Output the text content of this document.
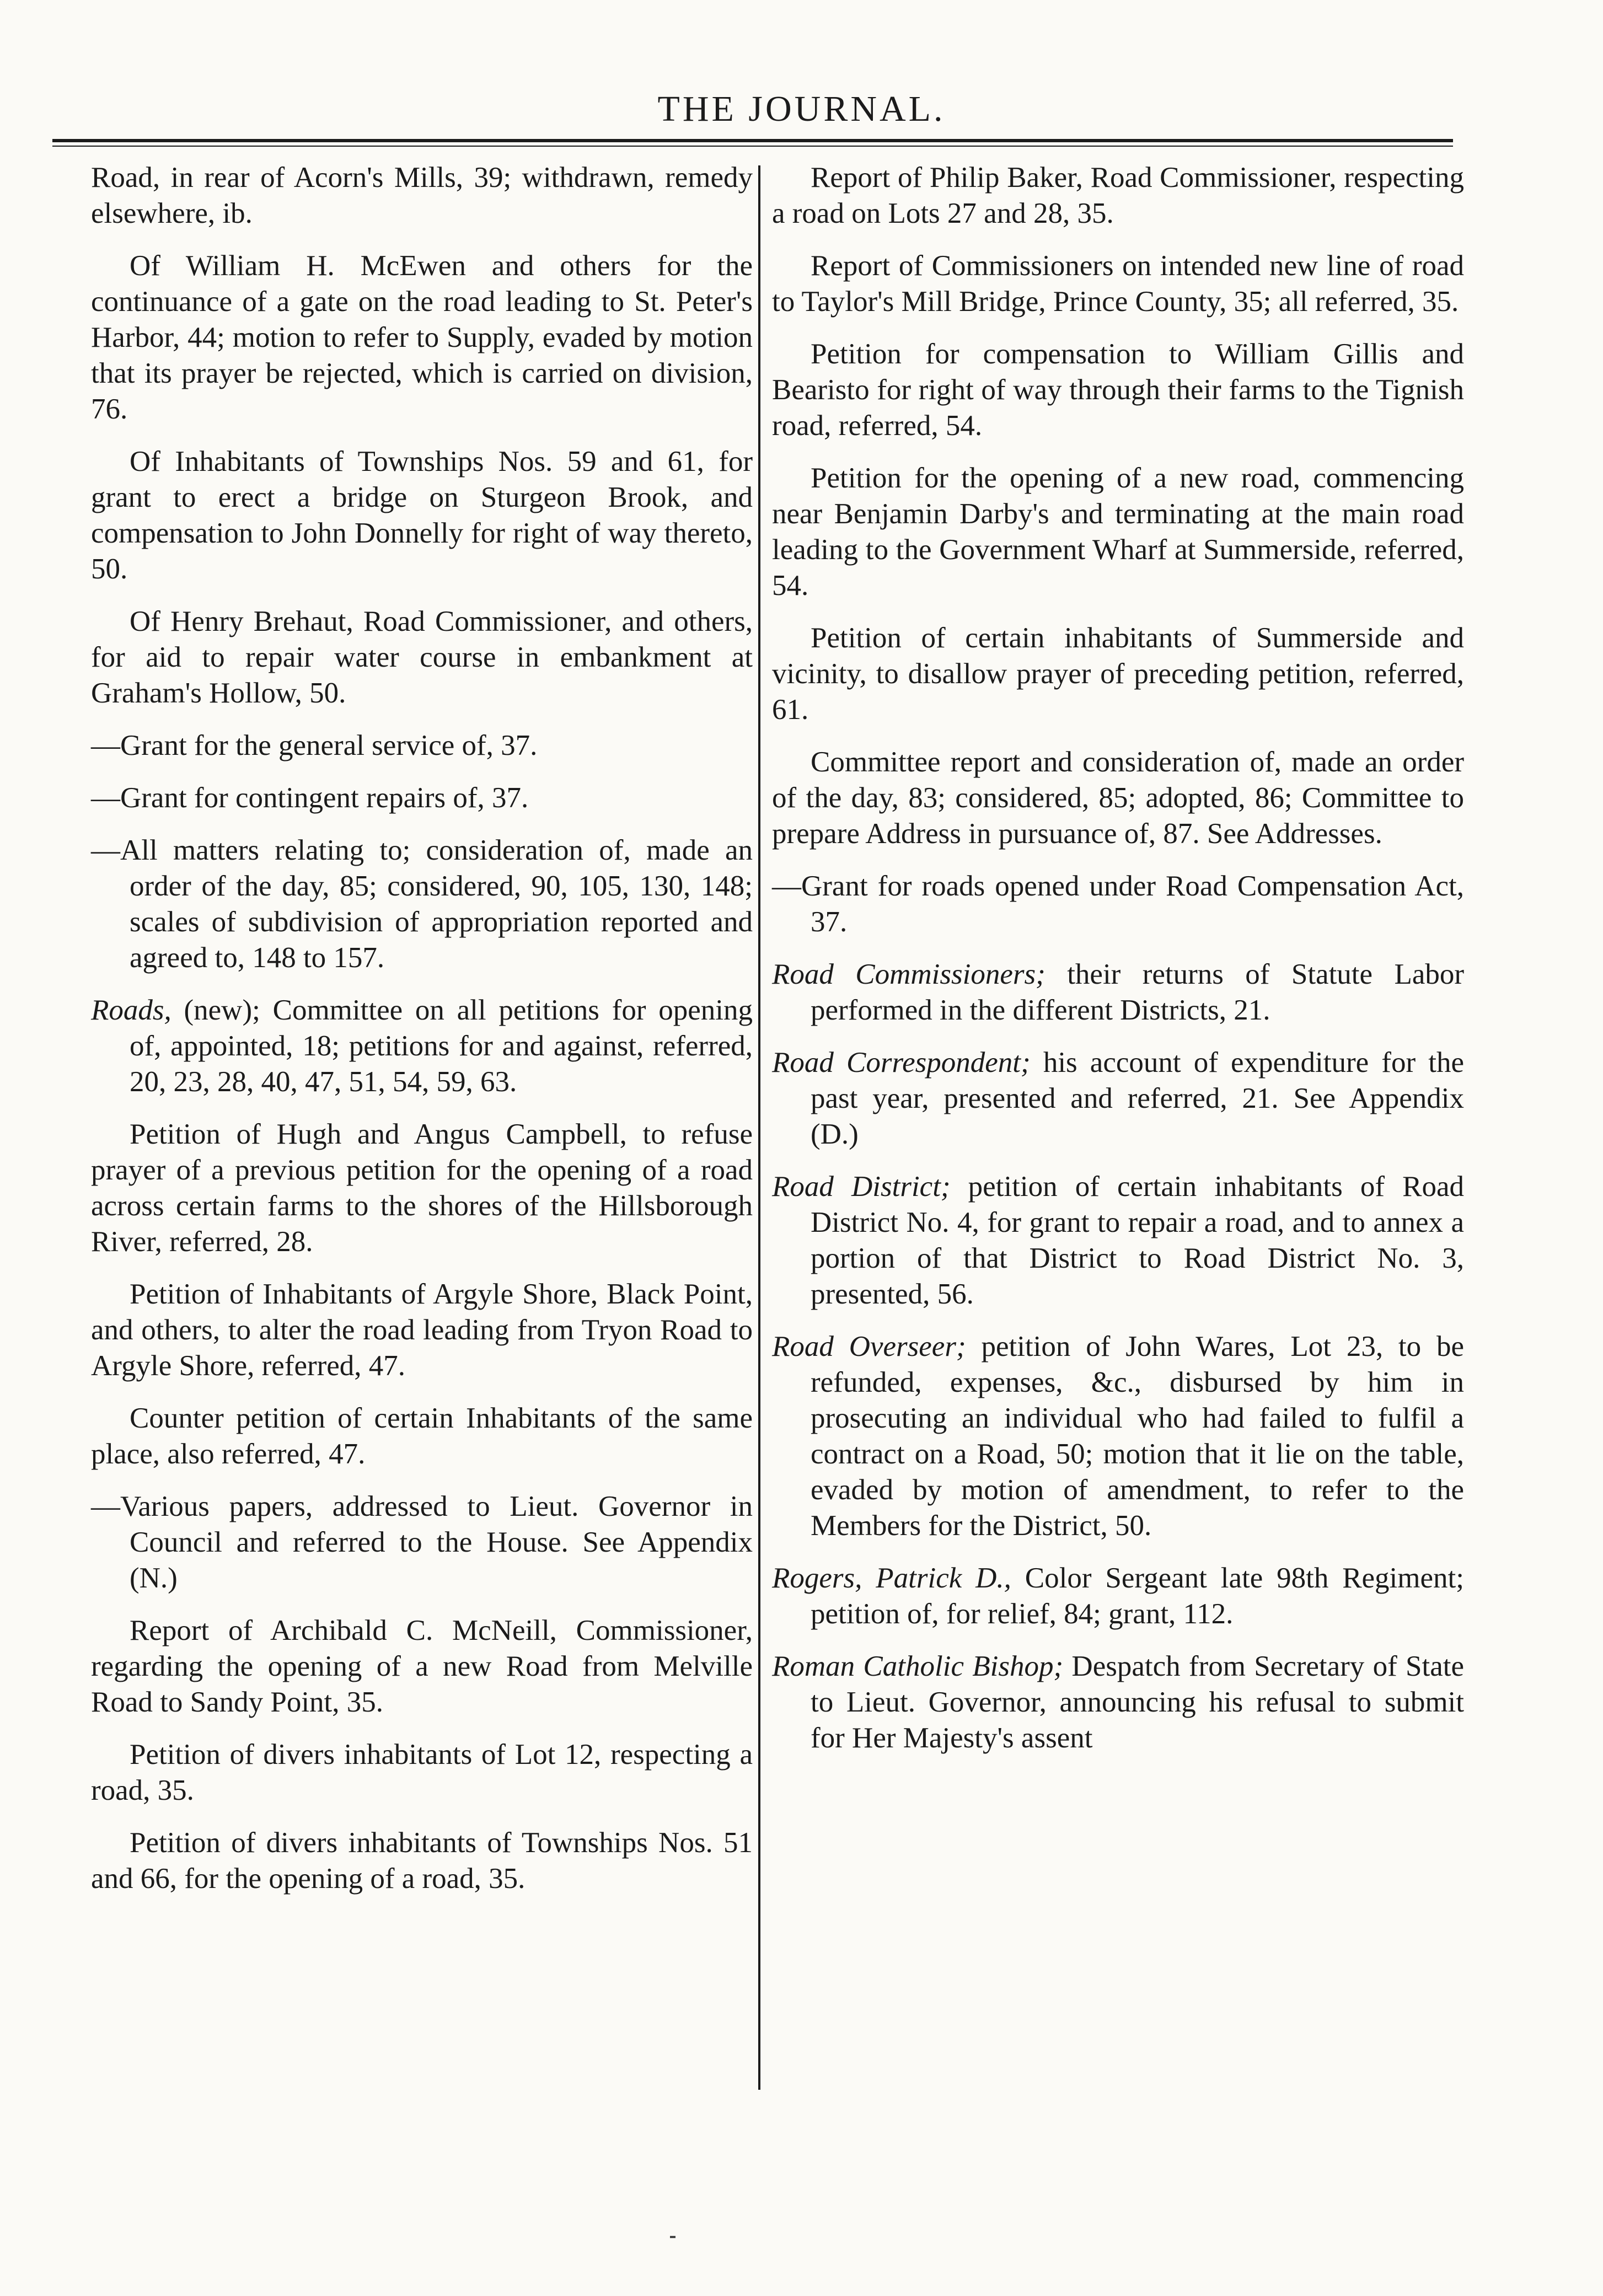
THE JOURNAL.

Road, in rear of Acorn's Mills, 39; withdrawn, remedy elsewhere, ib.

Of William H. McEwen and others for the continuance of a gate on the road leading to St. Peter's Harbor, 44; motion to refer to Supply, evaded by motion that its prayer be rejected, which is carried on division, 76.

Of Inhabitants of Townships Nos. 59 and 61, for grant to erect a bridge on Sturgeon Brook, and compensation to John Donnelly for right of way thereto, 50.

Of Henry Brehaut, Road Commissioner, and others, for aid to repair water course in embankment at Graham's Hollow, 50.

—Grant for the general service of, 37.

—Grant for contingent repairs of, 37.

—All matters relating to; consideration of, made an order of the day, 85; considered, 90, 105, 130, 148; scales of subdivision of appropriation reported and agreed to, 148 to 157.

Roads, (new); Committee on all petitions for opening of, appointed, 18; petitions for and against, referred, 20, 23, 28, 40, 47, 51, 54, 59, 63.

Petition of Hugh and Angus Campbell, to refuse prayer of a previous petition for the opening of a road across certain farms to the shores of the Hillsborough River, referred, 28.

Petition of Inhabitants of Argyle Shore, Black Point, and others, to alter the road leading from Tryon Road to Argyle Shore, referred, 47.

Counter petition of certain Inhabitants of the same place, also referred, 47.

—Various papers, addressed to Lieut. Governor in Council and referred to the House. See Appendix (N.)

Report of Archibald C. McNeill, Commissioner, regarding the opening of a new Road from Melville Road to Sandy Point, 35.

Petition of divers inhabitants of Lot 12, respecting a road, 35.

Petition of divers inhabitants of Townships Nos. 51 and 66, for the opening of a road, 35.

Report of Philip Baker, Road Commissioner, respecting a road on Lots 27 and 28, 35.

Report of Commissioners on intended new line of road to Taylor's Mill Bridge, Prince County, 35; all referred, 35.

Petition for compensation to William Gillis and Bearisto for right of way through their farms to the Tignish road, referred, 54.

Petition for the opening of a new road, commencing near Benjamin Darby's and terminating at the main road leading to the Government Wharf at Summerside, referred, 54.

Petition of certain inhabitants of Summerside and vicinity, to disallow prayer of preceding petition, referred, 61.

Committee report and consideration of, made an order of the day, 83; considered, 85; adopted, 86; Committee to prepare Address in pursuance of, 87. See Addresses.

—Grant for roads opened under Road Compensation Act, 37.

Road Commissioners; their returns of Statute Labor performed in the different Districts, 21.

Road Correspondent; his account of expenditure for the past year, presented and referred, 21. See Appendix (D.)

Road District; petition of certain inhabitants of Road District No. 4, for grant to repair a road, and to annex a portion of that District to Road District No. 3, presented, 56.

Road Overseer; petition of John Wares, Lot 23, to be refunded, expenses, &c., disbursed by him in prosecuting an individual who had failed to fulfil a contract on a Road, 50; motion that it lie on the table, evaded by motion of amendment, to refer to the Members for the District, 50.

Rogers, Patrick D., Color Sergeant late 98th Regiment; petition of, for relief, 84; grant, 112.

Roman Catholic Bishop; Despatch from Secretary of State to Lieut. Governor, announcing his refusal to submit for Her Majesty's assent
